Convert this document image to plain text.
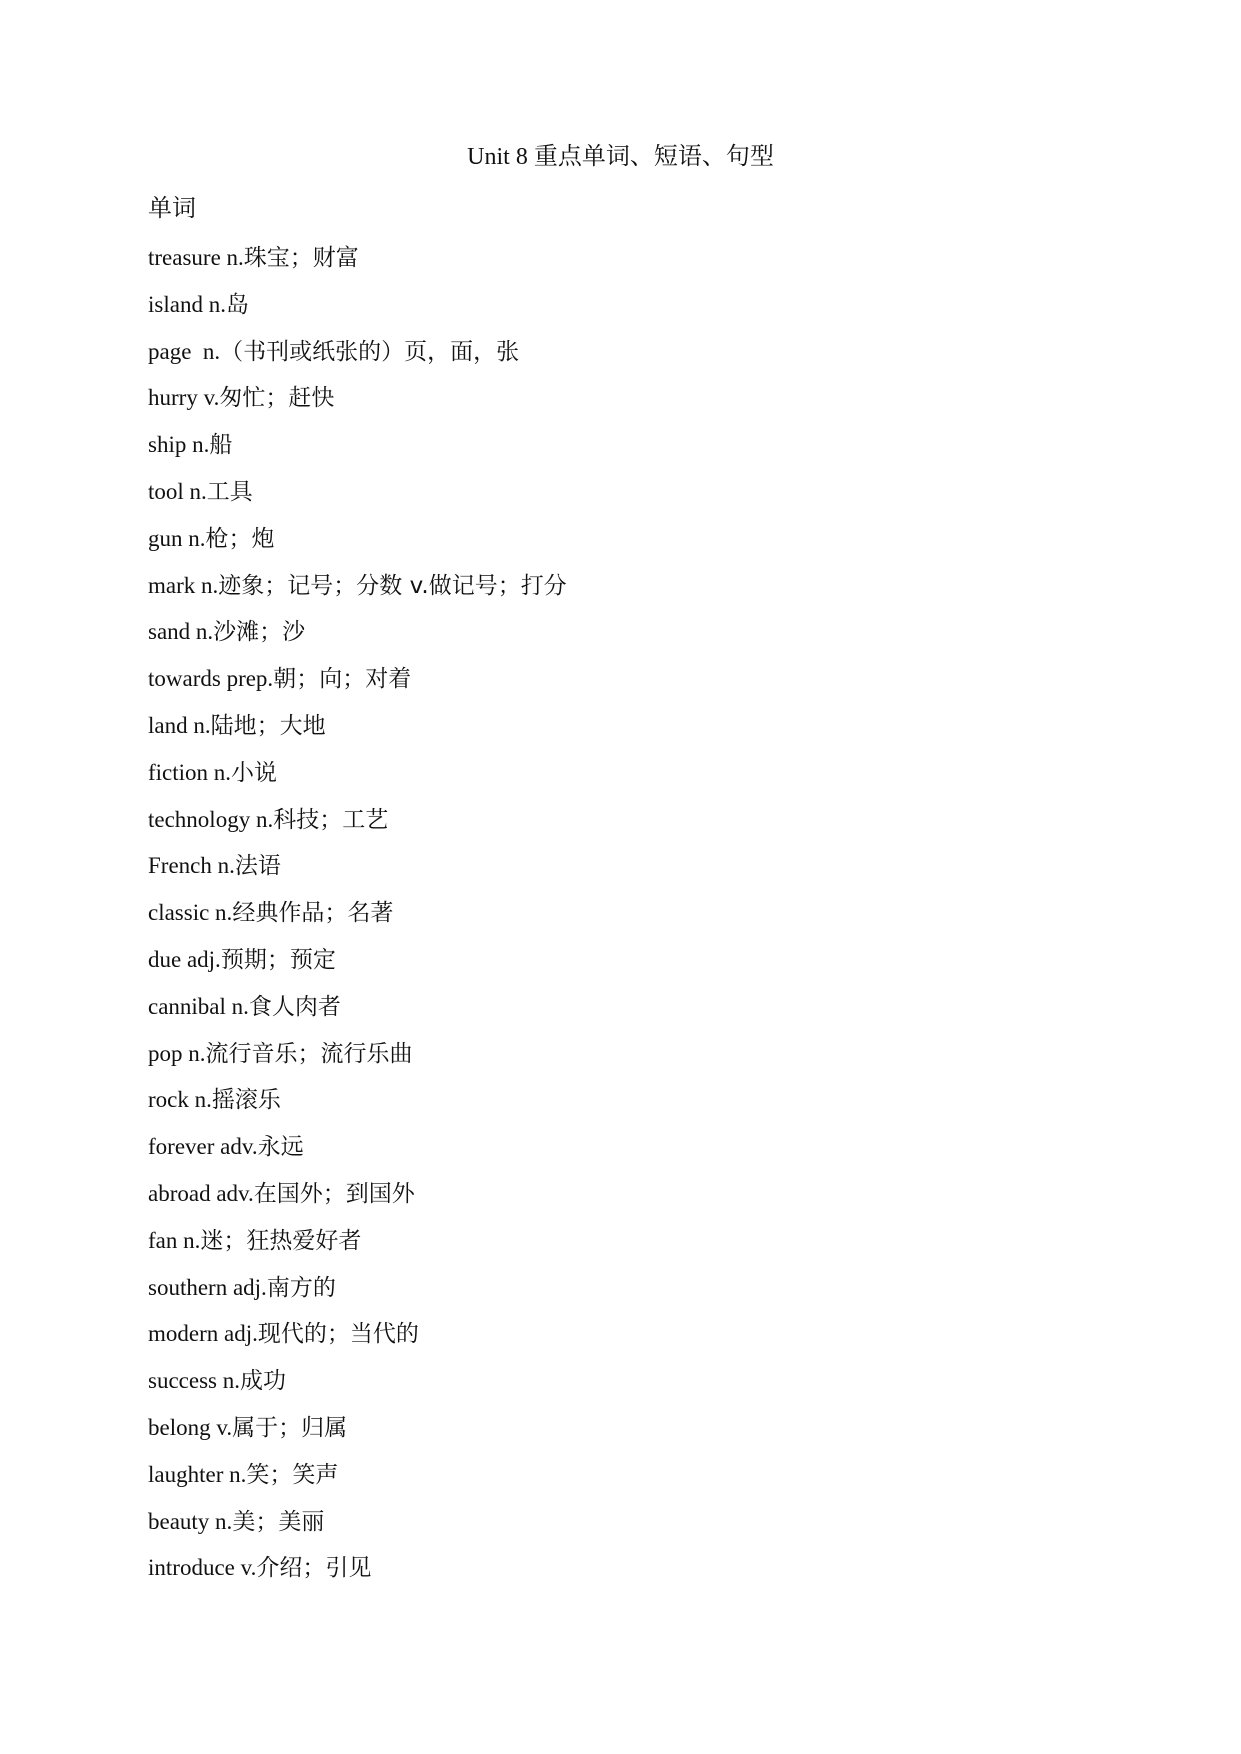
Unit 8 重点单词、短语、句型
单词
treasure n.珠宝；财富
island n.岛
page  n.（书刊或纸张的）页，面，张
hurry v.匆忙；赶快
ship n.船
tool n.工具
gun n.枪；炮
mark n.迹象；记号；分数 v.做记号；打分
sand n.沙滩；沙
towards prep.朝；向；对着
land n.陆地；大地
fiction n.小说
technology n.科技；工艺
French n.法语
classic n.经典作品；名著
due adj.预期；预定
cannibal n.食人肉者
pop n.流行音乐；流行乐曲
rock n.摇滚乐
forever adv.永远
abroad adv.在国外；到国外
fan n.迷；狂热爱好者
southern adj.南方的
modern adj.现代的；当代的
success n.成功
belong v.属于；归属
laughter n.笑；笑声
beauty n.美；美丽
introduce v.介绍；引见
